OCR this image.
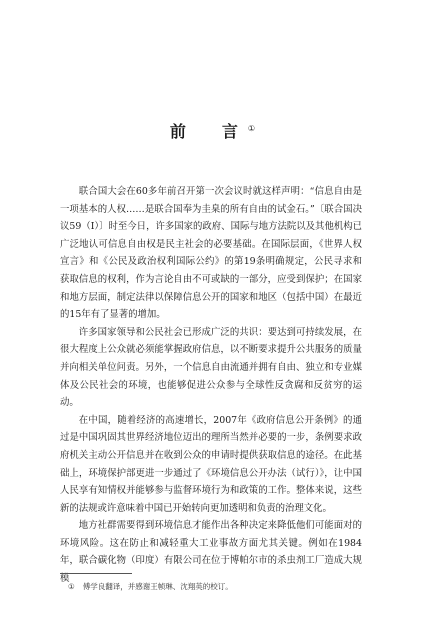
前　言①

联合国大会在60多年前召开第一次会议时就这样声明：“信息自由是一项基本的人权……是联合国奉为圭臬的所有自由的试金石。”〔联合国决议59（Ⅰ）〕时至今日，许多国家的政府、国际与地方法院以及其他机构已广泛地认可信息自由权是民主社会的必要基础。在国际层面，《世界人权宣言》和《公民及政治权利国际公约》的第19条明确规定，公民寻求和获取信息的权利，作为言论自由不可或缺的一部分，应受到保护；在国家和地方层面，制定法律以保障信息公开的国家和地区（包括中国）在最近的15年有了显著的增加。

许多国家领导和公民社会已形成广泛的共识：要达到可持续发展，在很大程度上公众就必须能掌握政府信息，以不断要求提升公共服务的质量并向相关单位问责。另外，一个信息自由流通并拥有自由、独立和专业媒体及公民社会的环境，也能够促进公众参与全球性反贪腐和反贫穷的运动。

在中国，随着经济的高速增长，2007年《政府信息公开条例》的通过是中国巩固其世界经济地位迈出的理所当然并必要的一步，条例要求政府机关主动公开信息并在收到公众的申请时提供获取信息的途径。在此基础上，环境保护部更进一步通过了《环境信息公开办法（试行）》，让中国人民享有知情权并能够参与监督环境行为和政策的工作。整体来说，这些新的法规或许意味着中国已开始转向更加透明和负责的治理文化。

地方社群需要得到环境信息才能作出各种决定来降低他们可能面对的环境风险。这在防止和减轻重大工业事故方面尤其关键。例如在1984年，联合碳化物（印度）有限公司在位于博帕尔市的杀虫剂工厂造成大规模

① 傅学良翻译，并感谢王帧琳、沈翔英的校订。
